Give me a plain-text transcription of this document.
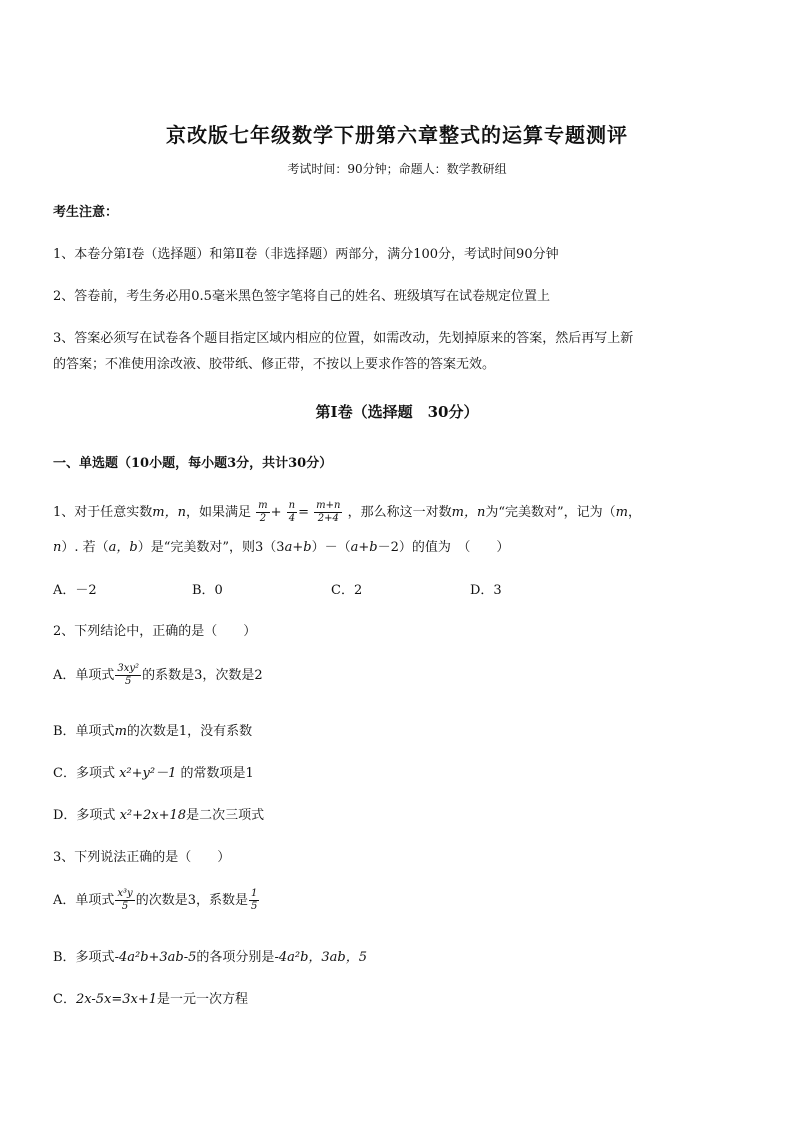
京改版七年级数学下册第六章整式的运算专题测评
考试时间：90分钟；命题人：数学教研组
考生注意：
1、本卷分第Ⅰ卷（选择题）和第Ⅱ卷（非选择题）两部分，满分100分，考试时间90分钟
2、答卷前，考生务必用0.5毫米黑色签字笔将自己的姓名、班级填写在试卷规定位置上
3、答案必须写在试卷各个题目指定区域内相应的位置，如需改动，先划掉原来的答案，然后再写上新
的答案；不准使用涂改液、胶带纸、修正带，不按以上要求作答的答案无效。
第Ⅰ卷（选择题　30分）
一、单选题（10小题，每小题3分，共计30分）
1、对于任意实数m，n，如果满足 $\frac{m}{2} + \frac{n}{4} = \frac{m+n}{2+4}$ ，那么称这一对数m，n为“完美数对”，记为（m，
n）. 若（a，b）是“完美数对”，则3（3a+b）－（a+b－2）的值为　（　　）
A．－2	B．0	C．2	D．3
2、下列结论中，正确的是（　　）
A．单项式 $\frac{\text{3xy²}}{5}$ 的系数是3，次数是2
B．单项式m的次数是1，没有系数
C．多项式 x²+y²－1 的常数项是1
D．多项式 x²+2x+18是二次三项式
3、下列说法正确的是（　　）
A．单项式 $\frac{\text{x³y}}{5}$ 的次数是3，系数是 $\frac{1}{5}$
B．多项式-4a²b+3ab-5的各项分别是-4a²b，3ab，5
C．2x-5x=3x+1是一元一次方程
